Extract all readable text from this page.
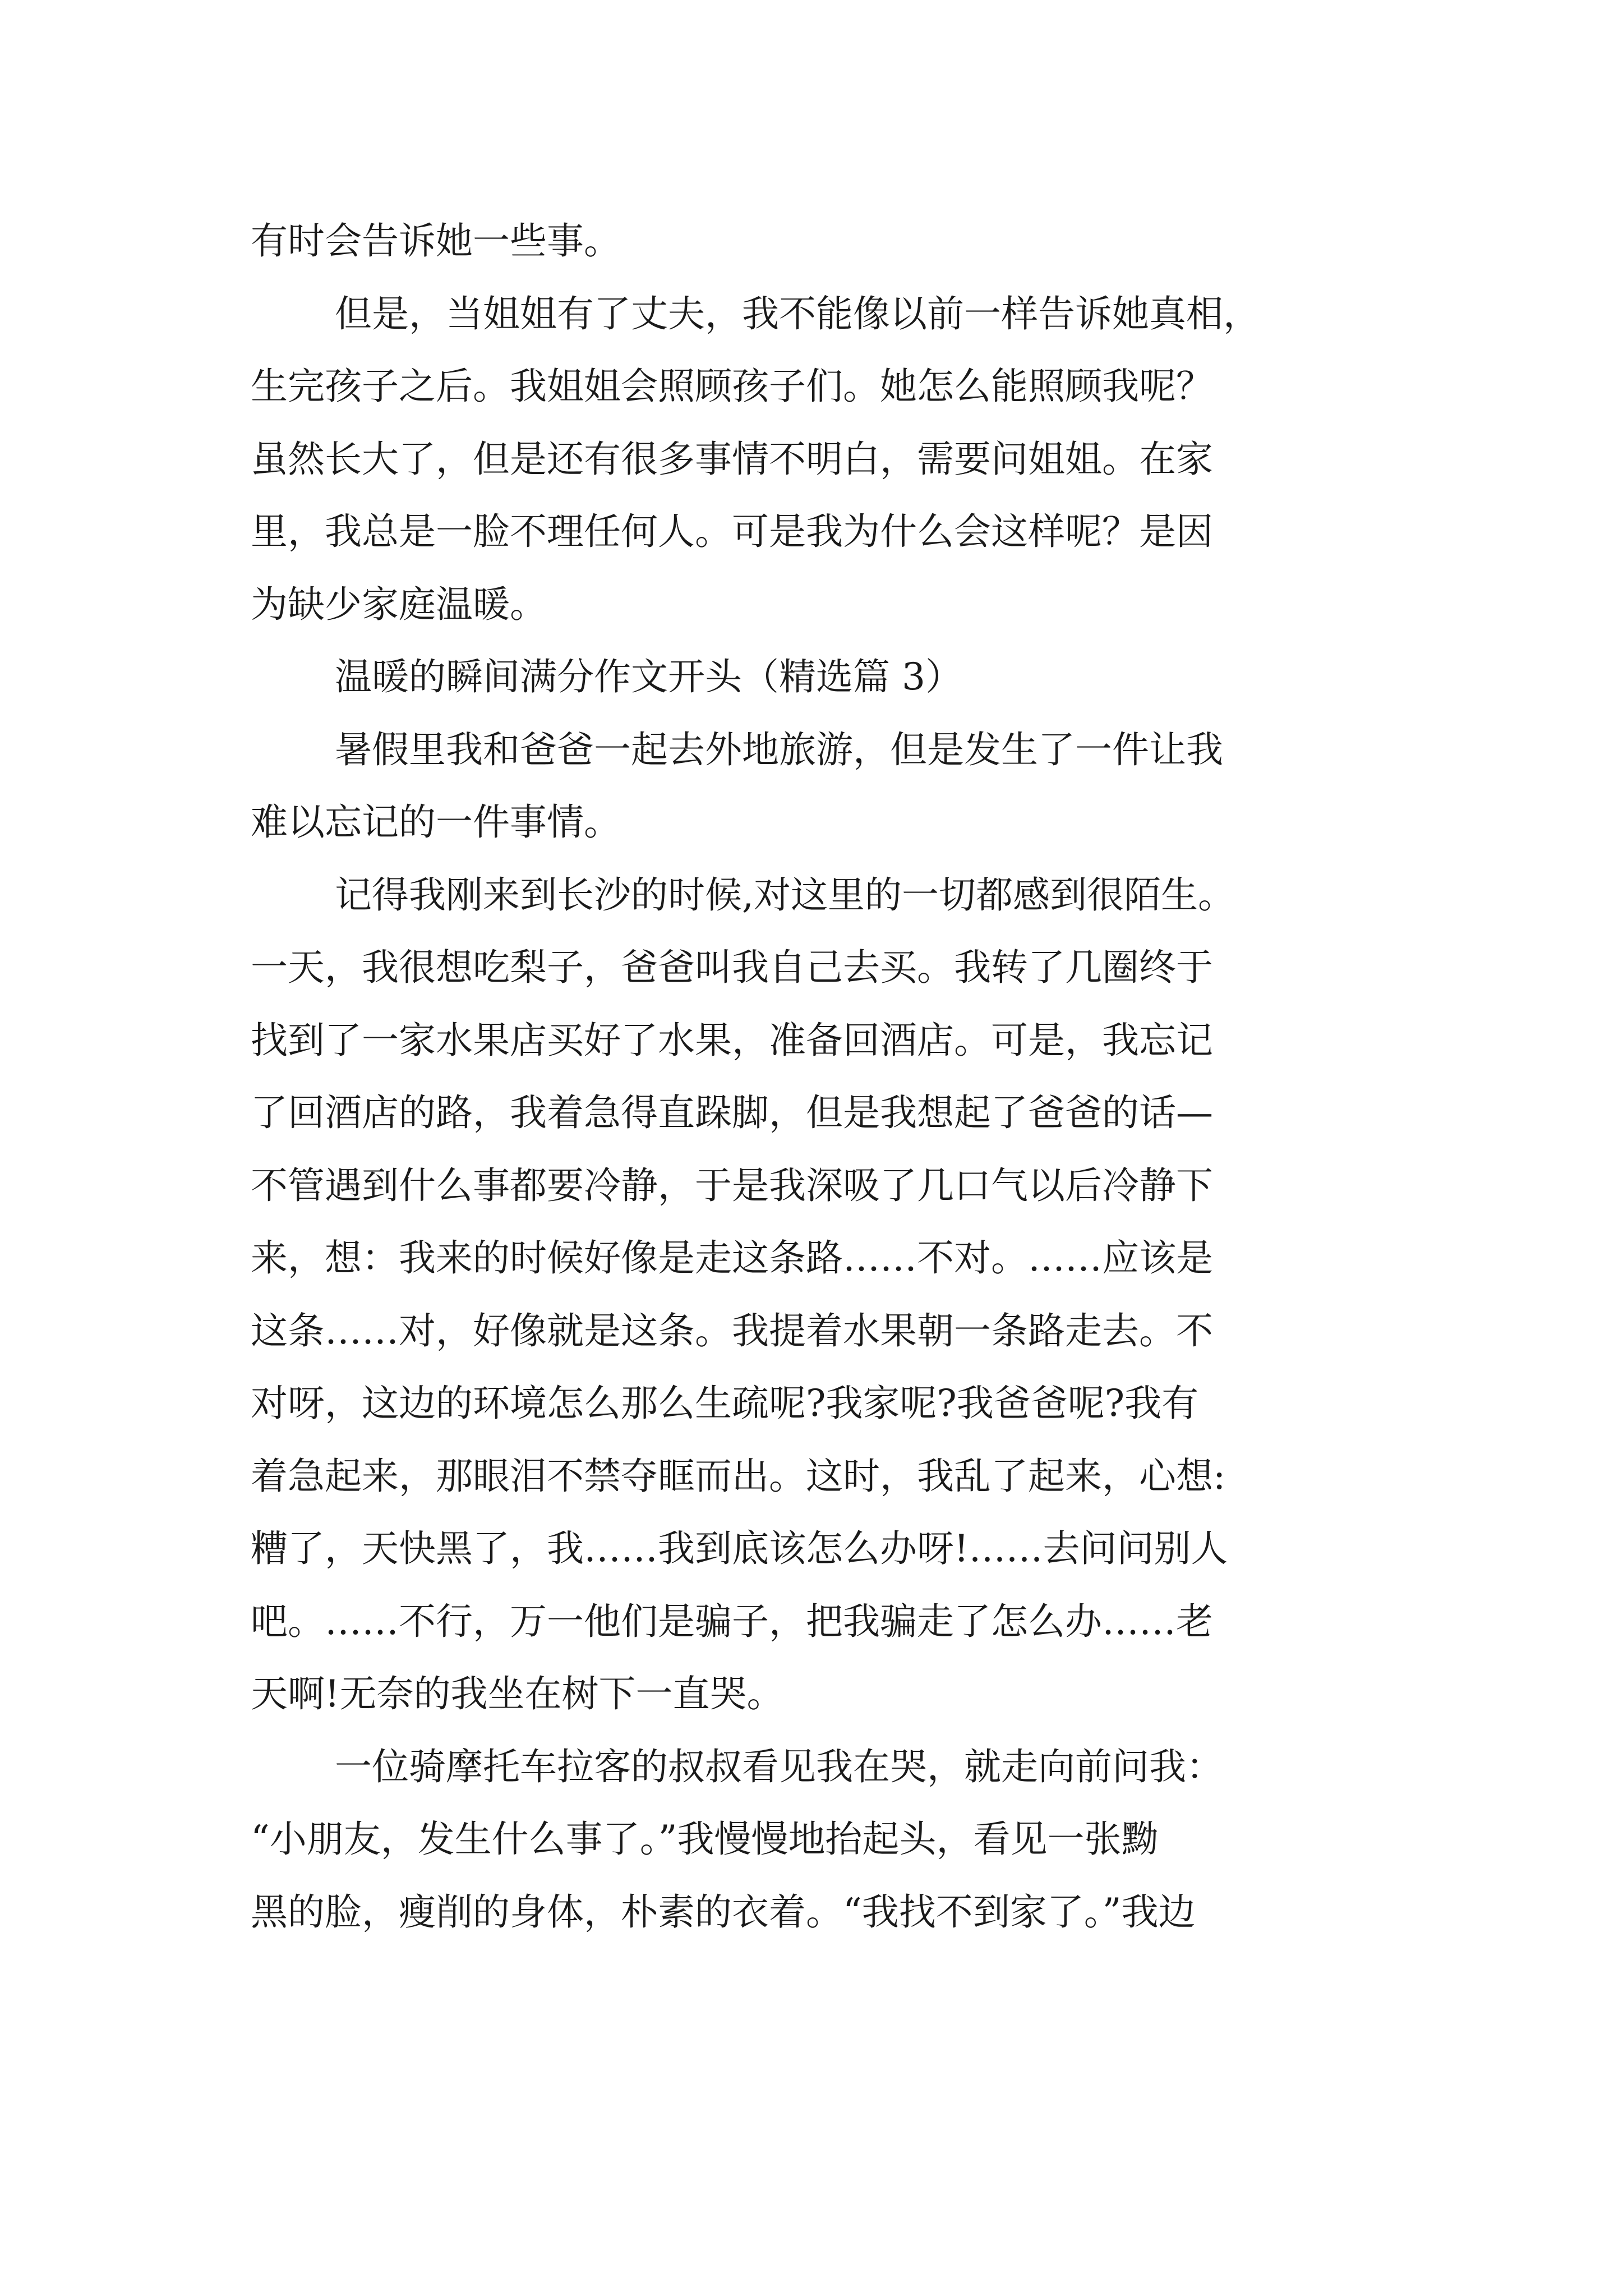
有时会告诉她一些事。
但是，当姐姐有了丈夫，我不能像以前一样告诉她真相，
生完孩子之后。我姐姐会照顾孩子们。她怎么能照顾我呢？
虽然长大了，但是还有很多事情不明白，需要问姐姐。在家
里，我总是一脸不理任何人。可是我为什么会这样呢？是因
为缺少家庭温暖。
温暖的瞬间满分作文开头（精选篇 3）
暑假里我和爸爸一起去外地旅游，但是发生了一件让我
难以忘记的一件事情。
记得我刚来到长沙的时候,对这里的一切都感到很陌生。
一天，我很想吃梨子，爸爸叫我自己去买。我转了几圈终于
找到了一家水果店买好了水果，准备回酒店。可是，我忘记
了回酒店的路，我着急得直跺脚，但是我想起了爸爸的话—
不管遇到什么事都要冷静，于是我深吸了几口气以后冷静下
来，想：我来的时候好像是走这条路……不对。……应该是
这条……对，好像就是这条。我提着水果朝一条路走去。不
对呀，这边的环境怎么那么生疏呢?我家呢?我爸爸呢?我有
着急起来，那眼泪不禁夺眶而出。这时，我乱了起来，心想:
糟了，天快黑了，我……我到底该怎么办呀!……去问问别人
吧。……不行，万一他们是骗子，把我骗走了怎么办……老
天啊!无奈的我坐在树下一直哭。
一位骑摩托车拉客的叔叔看见我在哭，就走向前问我：
“小朋友，发生什么事了。”我慢慢地抬起头，看见一张黝
黑的脸，瘦削的身体，朴素的衣着。“我找不到家了。”我边
